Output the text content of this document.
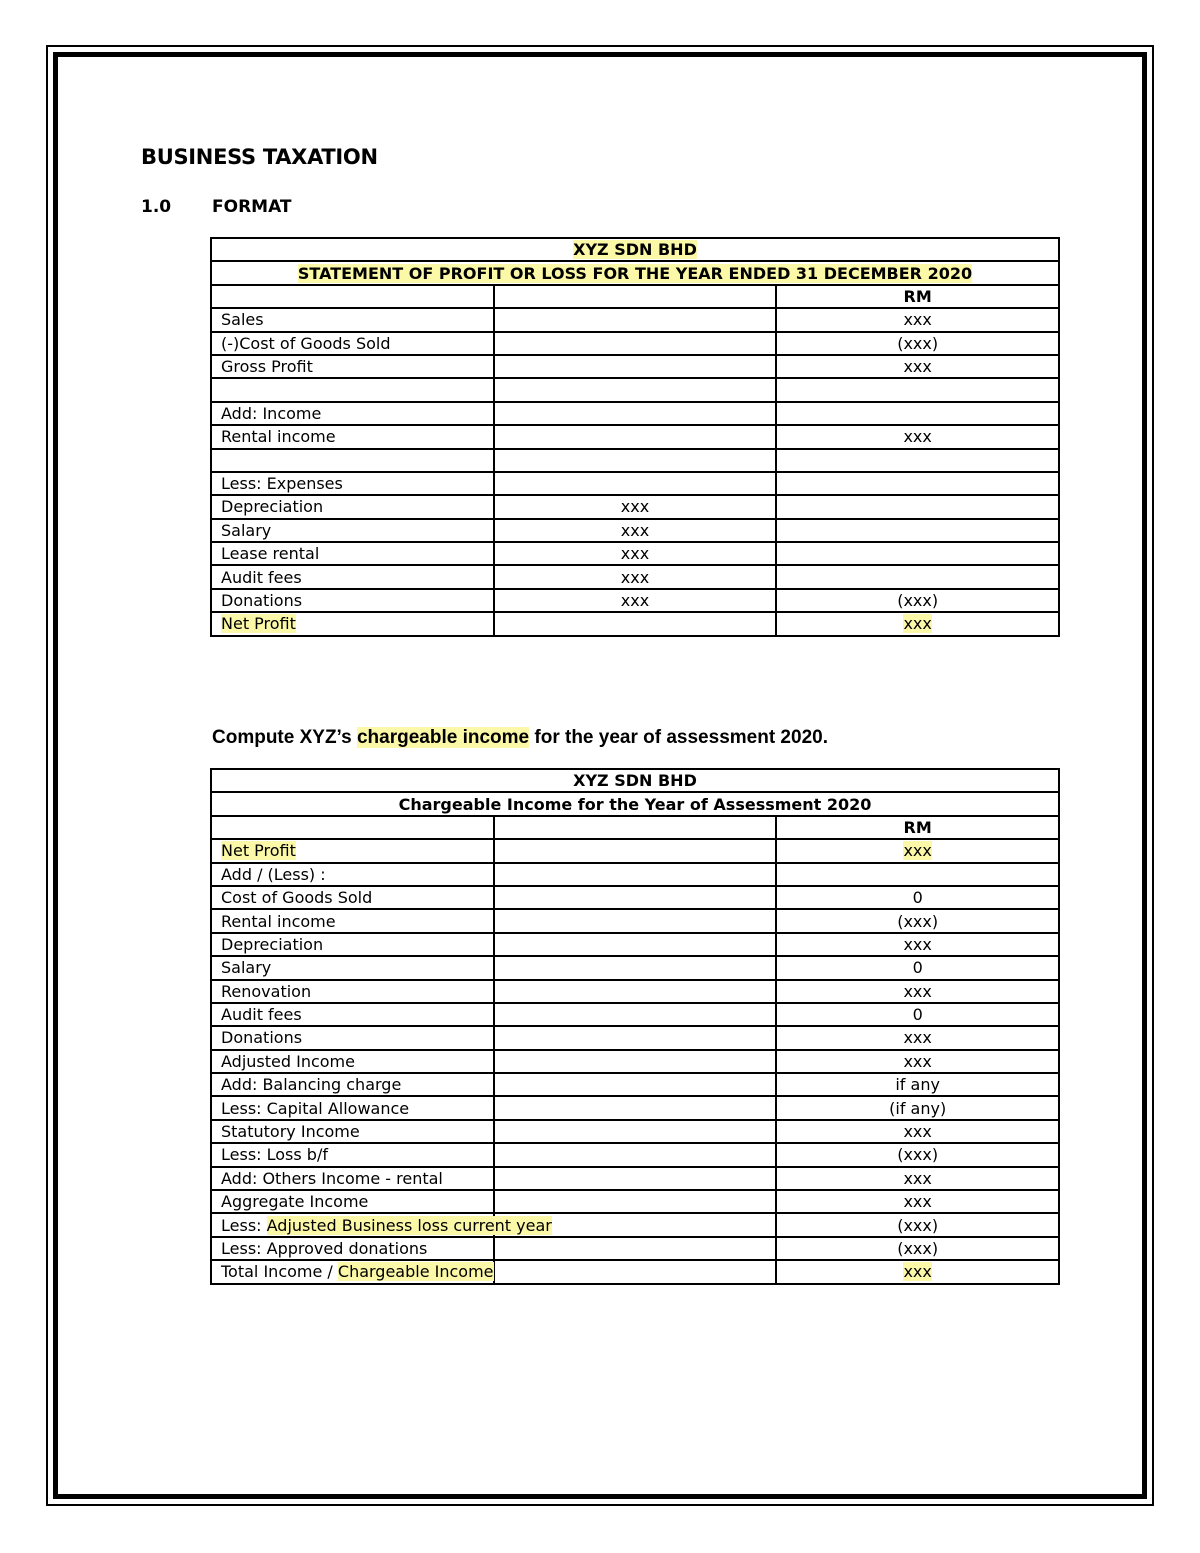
BUSINESS TAXATION
1.0 FORMAT
XYZ SDN BHD		
STATEMENT OF PROFIT OR LOSS FOR THE YEAR ENDED 31 DECEMBER 2020		
		RM
Sales		xxx
(-)Cost of Goods Sold		(xxx)
Gross Profit		xxx

Add: Income		
Rental income		xxx

Less: Expenses		
Depreciation	xxx	
Salary	xxx	
Lease rental	xxx	
Audit fees	xxx	
Donations	xxx	(xxx)
Net Profit		xxx
Compute XYZ’s chargeable income for the year of assessment 2020.
XYZ SDN BHD		
Chargeable Income for the Year of Assessment 2020		
		RM
Net Profit		xxx
Add / (Less) :		
Cost of Goods Sold		0
Rental income		(xxx)
Depreciation		xxx
Salary		0
Renovation		xxx
Audit fees		0
Donations		xxx
Adjusted Income		xxx
Add: Balancing charge		if any
Less: Capital Allowance		(if any)
Statutory Income		xxx
Less: Loss b/f		(xxx)
Add: Others Income - rental		xxx
Aggregate Income		xxx
Less: Adjusted Business loss current year		(xxx)
Less: Approved donations		(xxx)
Total Income / Chargeable Income		xxx
